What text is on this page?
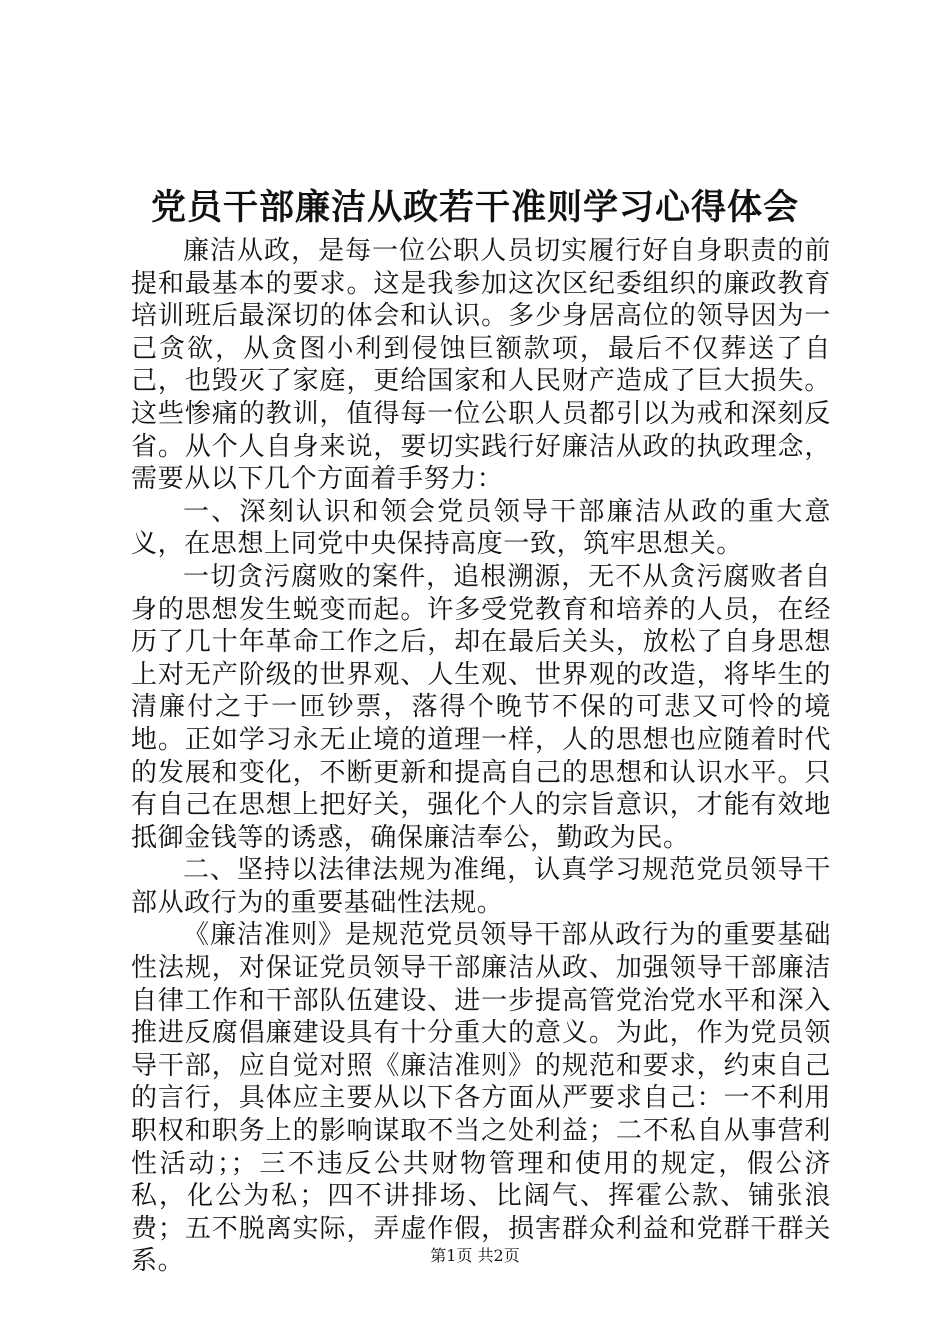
党员干部廉洁从政若干准则学习心得体会

廉洁从政，是每一位公职人员切实履行好自身职责的前提和最基本的要求。这是我参加这次区纪委组织的廉政教育培训班后最深切的体会和认识。多少身居高位的领导因为一己贪欲，从贪图小利到侵蚀巨额款项，最后不仅葬送了自己，也毁灭了家庭，更给国家和人民财产造成了巨大损失。这些惨痛的教训，值得每一位公职人员都引以为戒和深刻反省。从个人自身来说，要切实践行好廉洁从政的执政理念，需要从以下几个方面着手努力：

一、深刻认识和领会党员领导干部廉洁从政的重大意义，在思想上同党中央保持高度一致，筑牢思想关。

一切贪污腐败的案件，追根溯源，无不从贪污腐败者自身的思想发生蜕变而起。许多受党教育和培养的人员，在经历了几十年革命工作之后，却在最后关头，放松了自身思想上对无产阶级的世界观、人生观、世界观的改造，将毕生的清廉付之于一匝钞票，落得个晚节不保的可悲又可怜的境地。正如学习永无止境的道理一样，人的思想也应随着时代的发展和变化，不断更新和提高自己的思想和认识水平。只有自己在思想上把好关，强化个人的宗旨意识，才能有效地抵御金钱等的诱惑，确保廉洁奉公，勤政为民。

二、坚持以法律法规为准绳，认真学习规范党员领导干部从政行为的重要基础性法规。

《廉洁准则》是规范党员领导干部从政行为的重要基础性法规，对保证党员领导干部廉洁从政、加强领导干部廉洁自律工作和干部队伍建设、进一步提高管党治党水平和深入推进反腐倡廉建设具有十分重大的意义。为此，作为党员领导干部，应自觉对照《廉洁准则》的规范和要求，约束自己的言行，具体应主要从以下各方面从严要求自己：一不利用职权和职务上的影响谋取不当之处利益；二不私自从事营利性活动；；三不违反公共财物管理和使用的规定，假公济私，化公为私；四不讲排场、比阔气、挥霍公款、铺张浪费；五不脱离实际，弄虚作假，损害群众利益和党群干群关系。	第1页 共2页
